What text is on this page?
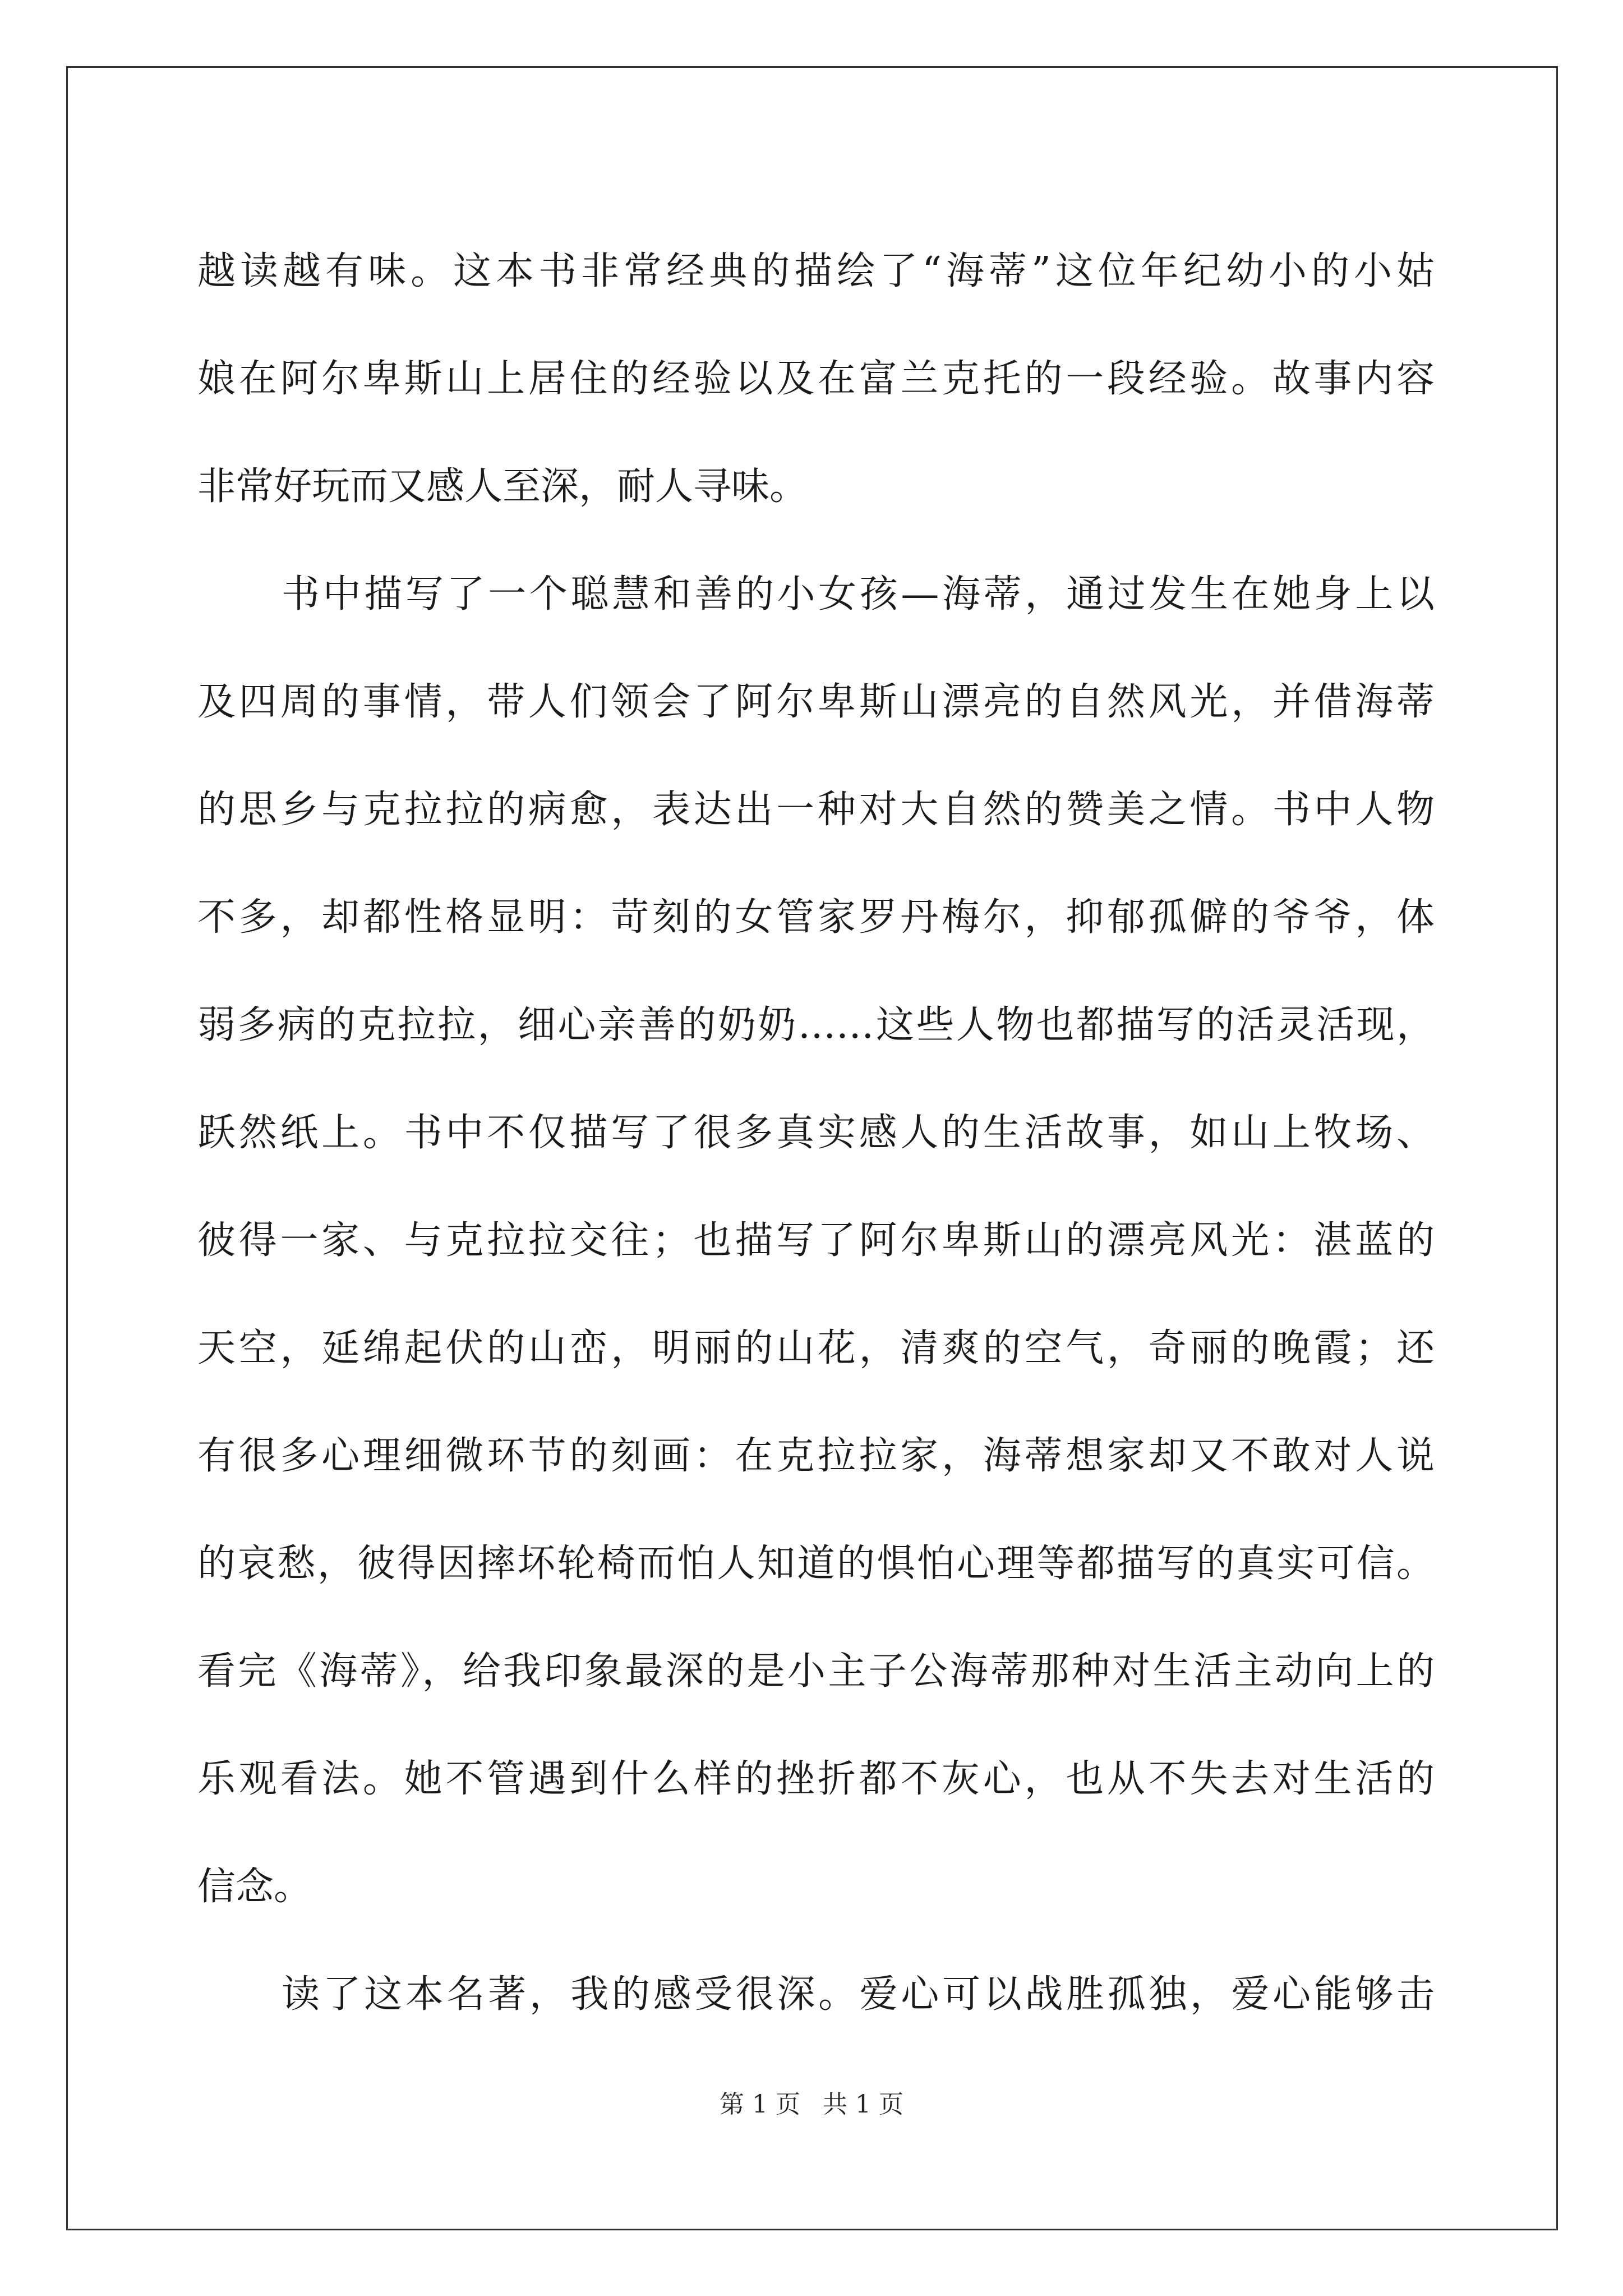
越读越有味。这本书非常经典的描绘了“海蒂”这位年纪幼小的小姑
娘在阿尔卑斯山上居住的经验以及在富兰克托的一段经验。故事内容
非常好玩而又感人至深，耐人寻味。
书中描写了一个聪慧和善的小女孩—海蒂，通过发生在她身上以
及四周的事情，带人们领会了阿尔卑斯山漂亮的自然风光，并借海蒂
的思乡与克拉拉的病愈，表达出一种对大自然的赞美之情。书中人物
不多，却都性格显明：苛刻的女管家罗丹梅尔，抑郁孤僻的爷爷，体
弱多病的克拉拉，细心亲善的奶奶……这些人物也都描写的活灵活现，
跃然纸上。书中不仅描写了很多真实感人的生活故事，如山上牧场、
彼得一家、与克拉拉交往；也描写了阿尔卑斯山的漂亮风光：湛蓝的
天空，延绵起伏的山峦，明丽的山花，清爽的空气，奇丽的晚霞；还
有很多心理细微环节的刻画：在克拉拉家，海蒂想家却又不敢对人说
的哀愁，彼得因摔坏轮椅而怕人知道的惧怕心理等都描写的真实可信。
看完《海蒂》，给我印象最深的是小主子公海蒂那种对生活主动向上的
乐观看法。她不管遇到什么样的挫折都不灰心，也从不失去对生活的
信念。
读了这本名著，我的感受很深。爱心可以战胜孤独，爱心能够击
第 1 页 共 1 页
